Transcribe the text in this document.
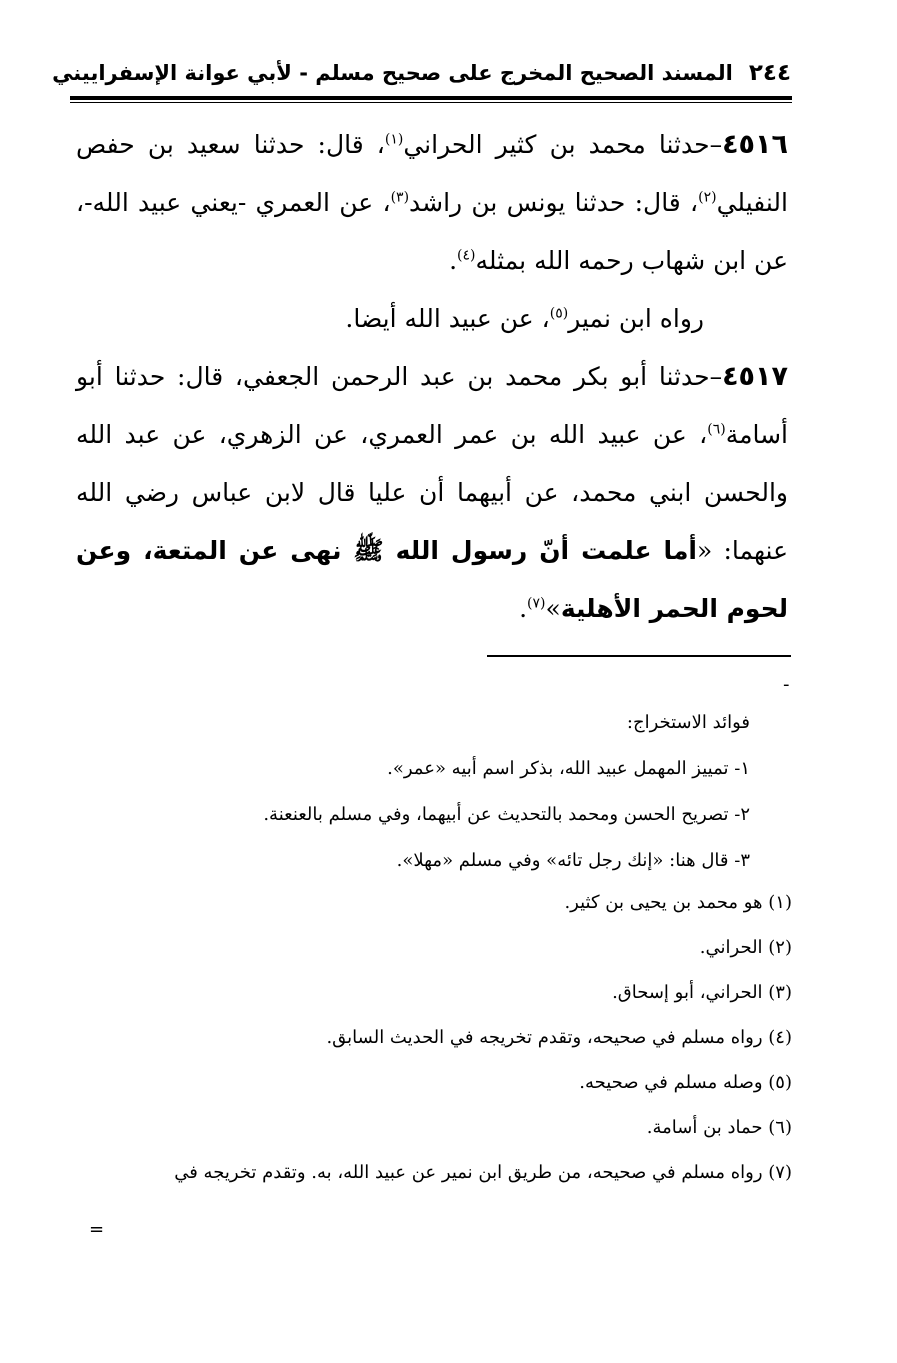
٢٤٤
المسند الصحيح المخرج على صحيح مسلم - لأبي عوانة الإسفراييني

٤٥١٦–حدثنا محمد بن كثير الحراني$^{(١)}$، قال: حدثنا سعيد بن حفص النفيلي$^{(٢)}$، قال: حدثنا يونس بن راشد$^{(٣)}$، عن العمري -يعني عبيد الله-، عن ابن شهاب رحمه الله بمثله$^{(٤)}$.

رواه ابن نمير$^{(٥)}$، عن عبيد الله أيضا.

٤٥١٧–حدثنا أبو بكر محمد بن عبد الرحمن الجعفي، قال: حدثنا أبو أسامة$^{(٦)}$، عن عبيد الله بن عمر العمري، عن الزهري، عن عبد الله والحسن ابني محمد، عن أبيهما أن عليا قال لابن عباس رضي الله عنهما: «أما علمت أنّ رسول الله ﷺ نهى عن المتعة، وعن لحوم الحمر الأهلية»$^{(٧)}$.

-
فوائد الاستخراج:
١- تمييز المهمل عبيد الله، بذكر اسم أبيه «عمر».
٢- تصريح الحسن ومحمد بالتحديث عن أبيهما، وفي مسلم بالعنعنة.
٣- قال هنا: «إنك رجل تائه» وفي مسلم «مهلا».
(١) هو محمد بن يحيى بن كثير.
(٢) الحراني.
(٣) الحراني، أبو إسحاق.
(٤) رواه مسلم في صحيحه، وتقدم تخريجه في الحديث السابق.
(٥) وصله مسلم في صحيحه.
(٦) حماد بن أسامة.
(٧) رواه مسلم في صحيحه، من طريق ابن نمير عن عبيد الله، به. وتقدم تخريجه في
=
